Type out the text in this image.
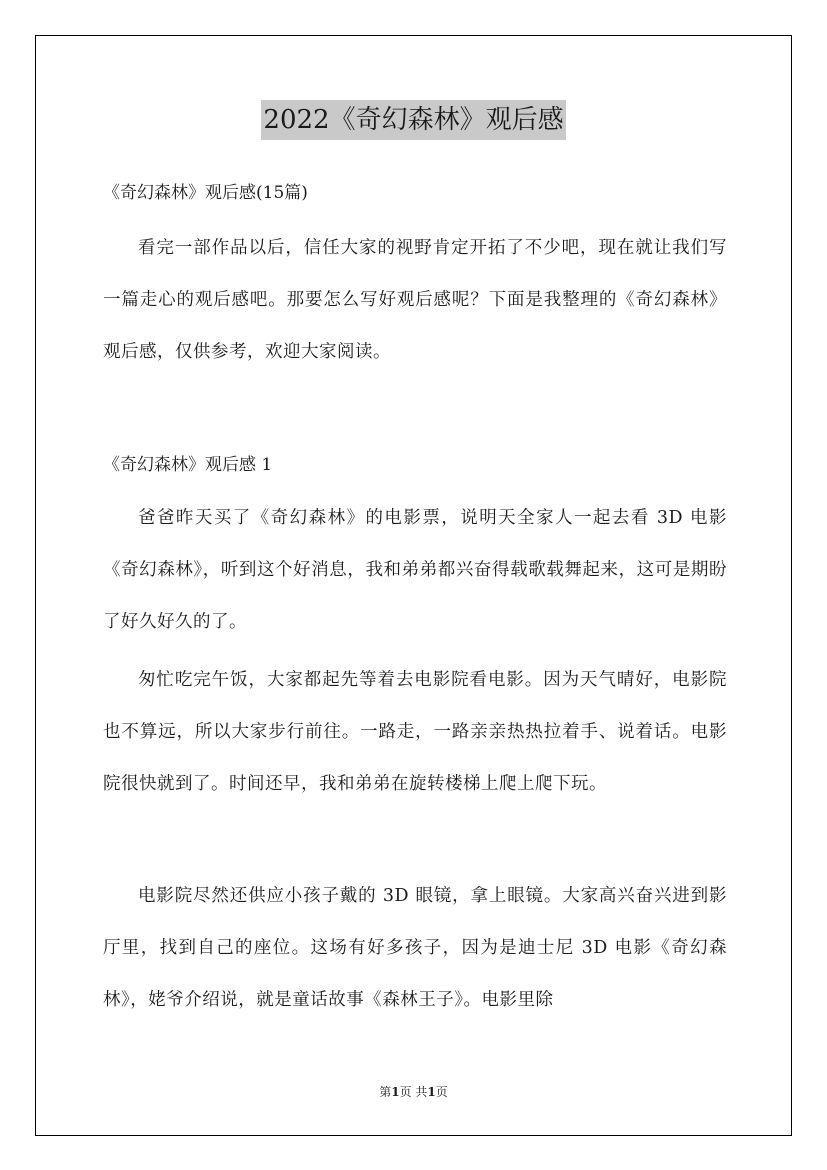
2022《奇幻森林》观后感
《奇幻森林》观后感(15篇)
看完一部作品以后，信任大家的视野肯定开拓了不少吧，现在就让我们写一篇走心的观后感吧。那要怎么写好观后感呢？下面是我整理的《奇幻森林》观后感，仅供参考，欢迎大家阅读。
《奇幻森林》观后感 1
爸爸昨天买了《奇幻森林》的电影票，说明天全家人一起去看 3D 电影《奇幻森林》，听到这个好消息，我和弟弟都兴奋得载歌载舞起来，这可是期盼了好久好久的了。
匆忙吃完午饭，大家都起先等着去电影院看电影。因为天气晴好，电影院也不算远，所以大家步行前往。一路走，一路亲亲热热拉着手、说着话。电影院很快就到了。时间还早，我和弟弟在旋转楼梯上爬上爬下玩。
电影院尽然还供应小孩子戴的 3D 眼镜，拿上眼镜。大家高兴奋兴进到影厅里，找到自己的座位。这场有好多孩子，因为是迪士尼 3D 电影《奇幻森林》，姥爷介绍说，就是童话故事《森林王子》。电影里除
第1页 共1页
